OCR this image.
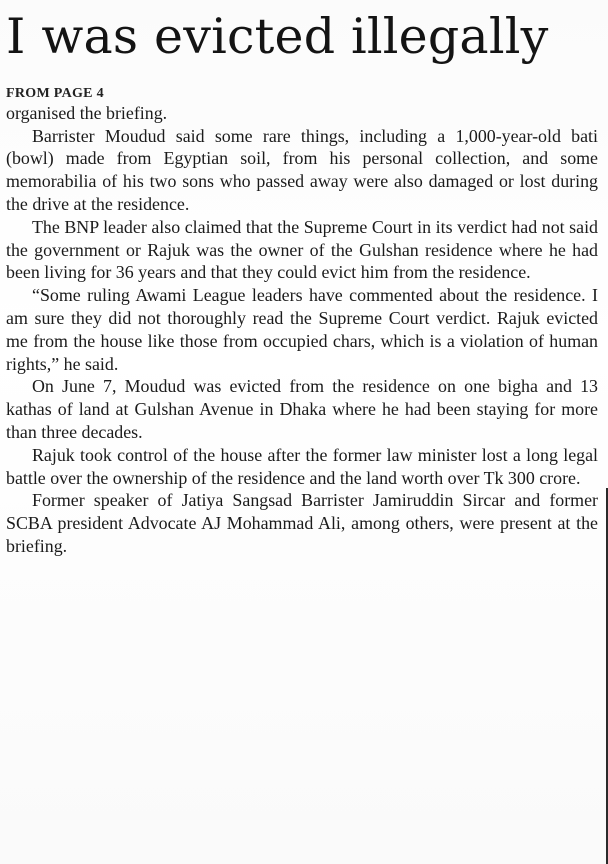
I was evicted illegally
FROM PAGE 4

organised the briefing.

Barrister Moudud said some rare things, including a 1,000-year-old bati (bowl) made from Egyptian soil, from his personal collection, and some memorabilia of his two sons who passed away were also damaged or lost during the drive at the residence.

The BNP leader also claimed that the Supreme Court in its verdict had not said the government or Rajuk was the owner of the Gulshan residence where he had been living for 36 years and that they could evict him from the residence.

“Some ruling Awami League leaders have commented about the residence. I am sure they did not thoroughly read the Supreme Court verdict. Rajuk evicted me from the house like those from occupied chars, which is a violation of human rights,” he said.

On June 7, Moudud was evicted from the residence on one bigha and 13 kathas of land at Gulshan Avenue in Dhaka where he had been staying for more than three decades.

Rajuk took control of the house after the former law minister lost a long legal battle over the ownership of the residence and the land worth over Tk 300 crore.

Former speaker of Jatiya Sangsad Barrister Jamiruddin Sircar and former SCBA president Advocate AJ Mohammad Ali, among others, were present at the briefing.
